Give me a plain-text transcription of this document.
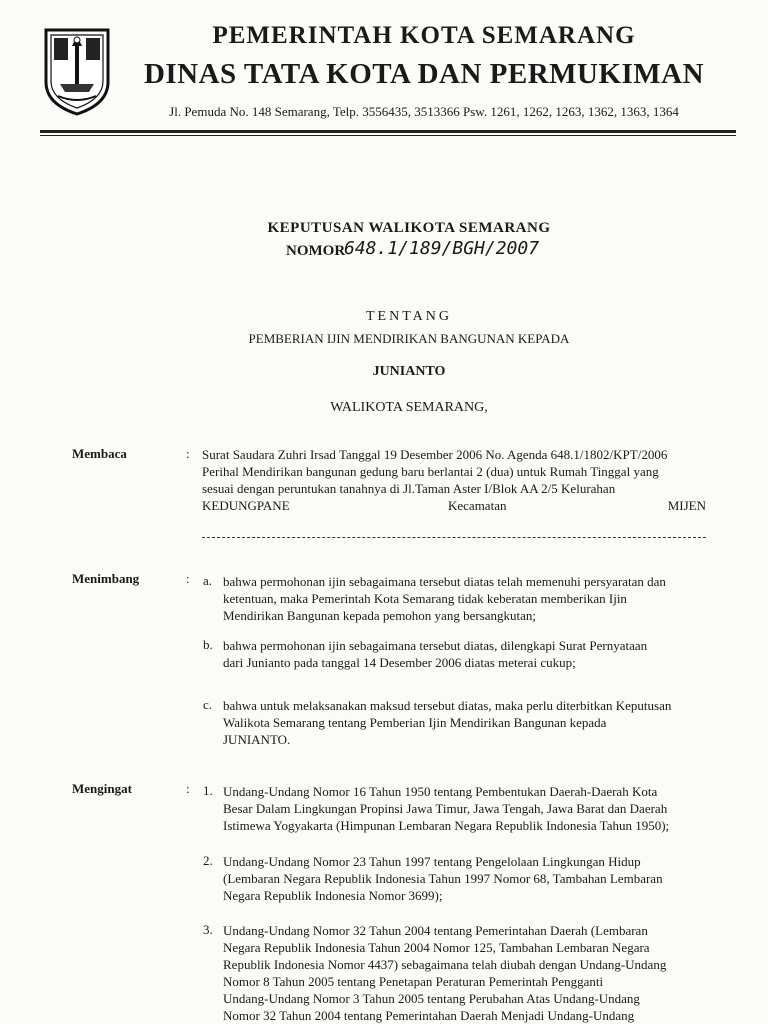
PEMERINTAH KOTA SEMARANG
DINAS TATA KOTA DAN PERMUKIMAN
Jl. Pemuda No. 148 Semarang, Telp. 3556435, 3513366 Psw. 1261, 1262, 1263, 1362, 1363, 1364
KEPUTUSAN WALIKOTA SEMARANG
NOMOR
648.1/189/BGH/2007
TENTANG
PEMBERIAN IJIN MENDIRIKAN BANGUNAN KEPADA
JUNIANTO
WALIKOTA SEMARANG,
Membaca	: Surat Saudara Zuhri Irsad Tanggal 19 Desember 2006 No. Agenda 648.1/1802/KPT/2006
Perihal Mendirikan bangunan gedung baru berlantai 2 (dua) untuk Rumah Tinggal yang
sesuai dengan peruntukan tanahnya di Jl.Taman Aster I/Blok AA 2/5 Kelurahan
KEDUNGPANE	Kecamatan	MIJEN
Menimbang	: a. bahwa permohonan ijin sebagaimana tersebut diatas telah memenuhi persyaratan dan
ketentuan, maka Pemerintah Kota Semarang tidak keberatan memberikan Ijin
Mendirikan Bangunan kepada pemohon yang bersangkutan;
b. bahwa permohonan ijin sebagaimana tersebut diatas, dilengkapi Surat Pernyataan
dari Junianto pada tanggal 14 Desember 2006 diatas meterai cukup;
c. bahwa untuk melaksanakan maksud tersebut diatas, maka perlu diterbitkan Keputusan
Walikota Semarang tentang Pemberian Ijin Mendirikan Bangunan kepada
JUNIANTO.
Mengingat	: 1. Undang-Undang Nomor 16 Tahun 1950 tentang Pembentukan Daerah-Daerah Kota
Besar Dalam Lingkungan Propinsi Jawa Timur, Jawa Tengah, Jawa Barat dan Daerah
Istimewa Yogyakarta (Himpunan Lembaran Negara Republik Indonesia Tahun 1950);
2. Undang-Undang Nomor 23 Tahun 1997 tentang Pengelolaan Lingkungan Hidup
(Lembaran Negara Republik Indonesia Tahun 1997 Nomor 68, Tambahan Lembaran
Negara Republik Indonesia Nomor 3699);
3. Undang-Undang Nomor 32 Tahun 2004 tentang Pemerintahan Daerah (Lembaran
Negara Republik Indonesia Tahun 2004 Nomor 125, Tambahan Lembaran Negara
Republik Indonesia Nomor 4437) sebagaimana telah diubah dengan Undang-Undang
Nomor 8 Tahun 2005 tentang Penetapan Peraturan Pemerintah Pengganti
Undang-Undang Nomor 3 Tahun 2005 tentang Perubahan Atas Undang-Undang
Nomor 32 Tahun 2004 tentang Pemerintahan Daerah Menjadi Undang-Undang
